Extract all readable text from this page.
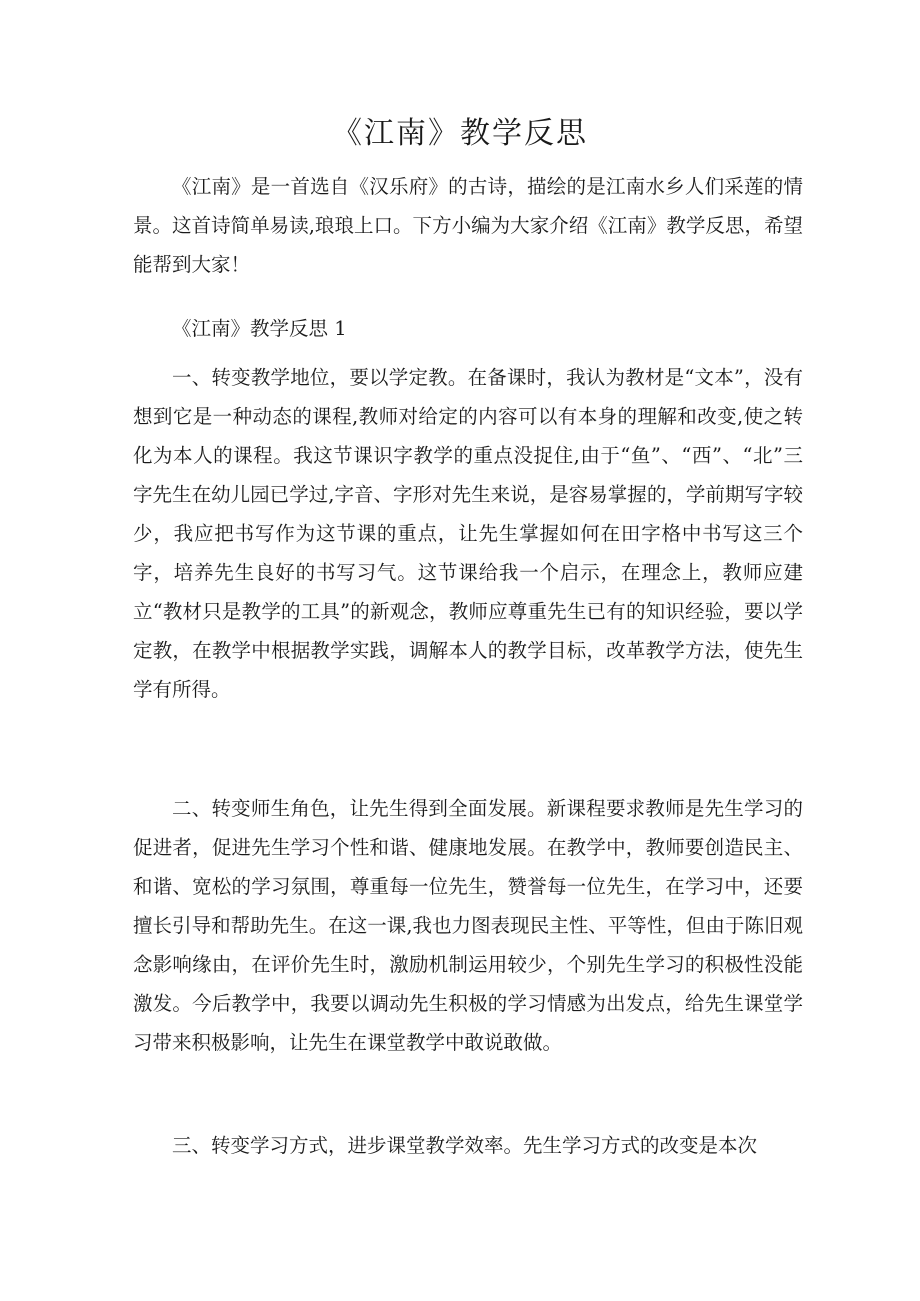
《江南》教学反思

《江南》是一首选自《汉乐府》的古诗，描绘的是江南水乡人们采莲的情景。这首诗简单易读,琅琅上口。下方小编为大家介绍《江南》教学反思，希望能帮到大家！

《江南》教学反思 1

一、转变教学地位，要以学定教。在备课时，我认为教材是“文本”，没有想到它是一种动态的课程,教师对给定的内容可以有本身的理解和改变,使之转化为本人的课程。我这节课识字教学的重点没捉住,由于“鱼”、“西”、“北”三字先生在幼儿园已学过,字音、字形对先生来说，是容易掌握的，学前期写字较少，我应把书写作为这节课的重点，让先生掌握如何在田字格中书写这三个字，培养先生良好的书写习气。这节课给我一个启示，在理念上，教师应建立“教材只是教学的工具”的新观念，教师应尊重先生已有的知识经验，要以学定教，在教学中根据教学实践，调解本人的教学目标，改革教学方法，使先生学有所得。

二、转变师生角色，让先生得到全面发展。新课程要求教师是先生学习的促进者，促进先生学习个性和谐、健康地发展。在教学中，教师要创造民主、和谐、宽松的学习氛围，尊重每一位先生，赞誉每一位先生，在学习中，还要擅长引导和帮助先生。在这一课,我也力图表现民主性、平等性，但由于陈旧观念影响缘由，在评价先生时，激励机制运用较少，个别先生学习的积极性没能激发。今后教学中，我要以调动先生积极的学习情感为出发点，给先生课堂学习带来积极影响，让先生在课堂教学中敢说敢做。

三、转变学习方式，进步课堂教学效率。先生学习方式的改变是本次
